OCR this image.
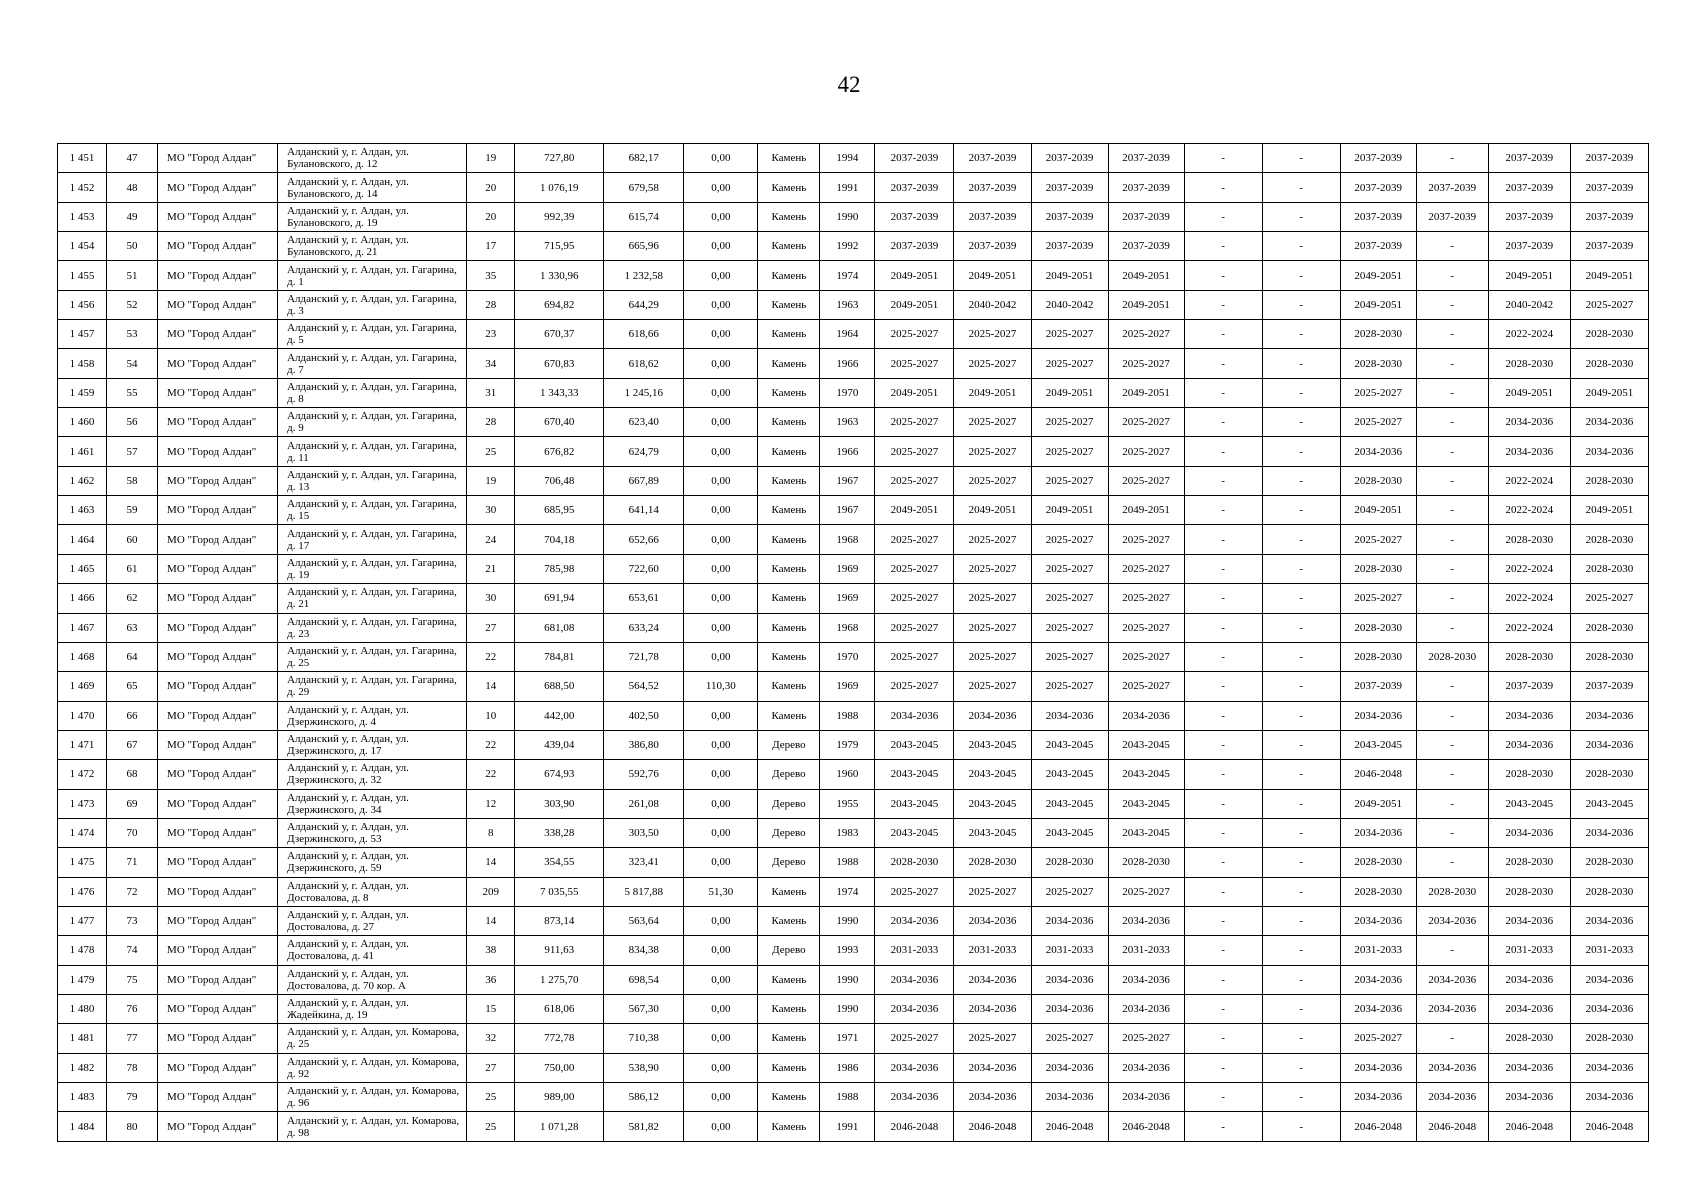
42
1 451	47	МО "Город Алдан"	Алданский у, г. Алдан, ул. Булановского, д. 12	19	727,80	682,17	0,00	Камень	1994	2037-2039	2037-2039	2037-2039	2037-2039	-	-	2037-2039	-	2037-2039	2037-2039
1 452	48	МО "Город Алдан"	Алданский у, г. Алдан, ул. Булановского, д. 14	20	1 076,19	679,58	0,00	Камень	1991	2037-2039	2037-2039	2037-2039	2037-2039	-	-	2037-2039	2037-2039	2037-2039	2037-2039
1 453	49	МО "Город Алдан"	Алданский у, г. Алдан, ул. Булановского, д. 19	20	992,39	615,74	0,00	Камень	1990	2037-2039	2037-2039	2037-2039	2037-2039	-	-	2037-2039	2037-2039	2037-2039	2037-2039
1 454	50	МО "Город Алдан"	Алданский у, г. Алдан, ул. Булановского, д. 21	17	715,95	665,96	0,00	Камень	1992	2037-2039	2037-2039	2037-2039	2037-2039	-	-	2037-2039	-	2037-2039	2037-2039
1 455	51	МО "Город Алдан"	Алданский у, г. Алдан, ул. Гагарина, д. 1	35	1 330,96	1 232,58	0,00	Камень	1974	2049-2051	2049-2051	2049-2051	2049-2051	-	-	2049-2051	-	2049-2051	2049-2051
1 456	52	МО "Город Алдан"	Алданский у, г. Алдан, ул. Гагарина, д. 3	28	694,82	644,29	0,00	Камень	1963	2049-2051	2040-2042	2040-2042	2049-2051	-	-	2049-2051	-	2040-2042	2025-2027
1 457	53	МО "Город Алдан"	Алданский у, г. Алдан, ул. Гагарина, д. 5	23	670,37	618,66	0,00	Камень	1964	2025-2027	2025-2027	2025-2027	2025-2027	-	-	2028-2030	-	2022-2024	2028-2030
1 458	54	МО "Город Алдан"	Алданский у, г. Алдан, ул. Гагарина, д. 7	34	670,83	618,62	0,00	Камень	1966	2025-2027	2025-2027	2025-2027	2025-2027	-	-	2028-2030	-	2028-2030	2028-2030
1 459	55	МО "Город Алдан"	Алданский у, г. Алдан, ул. Гагарина, д. 8	31	1 343,33	1 245,16	0,00	Камень	1970	2049-2051	2049-2051	2049-2051	2049-2051	-	-	2025-2027	-	2049-2051	2049-2051
1 460	56	МО "Город Алдан"	Алданский у, г. Алдан, ул. Гагарина, д. 9	28	670,40	623,40	0,00	Камень	1963	2025-2027	2025-2027	2025-2027	2025-2027	-	-	2025-2027	-	2034-2036	2034-2036
1 461	57	МО "Город Алдан"	Алданский у, г. Алдан, ул. Гагарина, д. 11	25	676,82	624,79	0,00	Камень	1966	2025-2027	2025-2027	2025-2027	2025-2027	-	-	2034-2036	-	2034-2036	2034-2036
1 462	58	МО "Город Алдан"	Алданский у, г. Алдан, ул. Гагарина, д. 13	19	706,48	667,89	0,00	Камень	1967	2025-2027	2025-2027	2025-2027	2025-2027	-	-	2028-2030	-	2022-2024	2028-2030
1 463	59	МО "Город Алдан"	Алданский у, г. Алдан, ул. Гагарина, д. 15	30	685,95	641,14	0,00	Камень	1967	2049-2051	2049-2051	2049-2051	2049-2051	-	-	2049-2051	-	2022-2024	2049-2051
1 464	60	МО "Город Алдан"	Алданский у, г. Алдан, ул. Гагарина, д. 17	24	704,18	652,66	0,00	Камень	1968	2025-2027	2025-2027	2025-2027	2025-2027	-	-	2025-2027	-	2028-2030	2028-2030
1 465	61	МО "Город Алдан"	Алданский у, г. Алдан, ул. Гагарина, д. 19	21	785,98	722,60	0,00	Камень	1969	2025-2027	2025-2027	2025-2027	2025-2027	-	-	2028-2030	-	2022-2024	2028-2030
1 466	62	МО "Город Алдан"	Алданский у, г. Алдан, ул. Гагарина, д. 21	30	691,94	653,61	0,00	Камень	1969	2025-2027	2025-2027	2025-2027	2025-2027	-	-	2025-2027	-	2022-2024	2025-2027
1 467	63	МО "Город Алдан"	Алданский у, г. Алдан, ул. Гагарина, д. 23	27	681,08	633,24	0,00	Камень	1968	2025-2027	2025-2027	2025-2027	2025-2027	-	-	2028-2030	-	2022-2024	2028-2030
1 468	64	МО "Город Алдан"	Алданский у, г. Алдан, ул. Гагарина, д. 25	22	784,81	721,78	0,00	Камень	1970	2025-2027	2025-2027	2025-2027	2025-2027	-	-	2028-2030	2028-2030	2028-2030	2028-2030
1 469	65	МО "Город Алдан"	Алданский у, г. Алдан, ул. Гагарина, д. 29	14	688,50	564,52	110,30	Камень	1969	2025-2027	2025-2027	2025-2027	2025-2027	-	-	2037-2039	-	2037-2039	2037-2039
1 470	66	МО "Город Алдан"	Алданский у, г. Алдан, ул. Дзержинского, д. 4	10	442,00	402,50	0,00	Камень	1988	2034-2036	2034-2036	2034-2036	2034-2036	-	-	2034-2036	-	2034-2036	2034-2036
1 471	67	МО "Город Алдан"	Алданский у, г. Алдан, ул. Дзержинского, д. 17	22	439,04	386,80	0,00	Дерево	1979	2043-2045	2043-2045	2043-2045	2043-2045	-	-	2043-2045	-	2034-2036	2034-2036
1 472	68	МО "Город Алдан"	Алданский у, г. Алдан, ул. Дзержинского, д. 32	22	674,93	592,76	0,00	Дерево	1960	2043-2045	2043-2045	2043-2045	2043-2045	-	-	2046-2048	-	2028-2030	2028-2030
1 473	69	МО "Город Алдан"	Алданский у, г. Алдан, ул. Дзержинского, д. 34	12	303,90	261,08	0,00	Дерево	1955	2043-2045	2043-2045	2043-2045	2043-2045	-	-	2049-2051	-	2043-2045	2043-2045
1 474	70	МО "Город Алдан"	Алданский у, г. Алдан, ул. Дзержинского, д. 53	8	338,28	303,50	0,00	Дерево	1983	2043-2045	2043-2045	2043-2045	2043-2045	-	-	2034-2036	-	2034-2036	2034-2036
1 475	71	МО "Город Алдан"	Алданский у, г. Алдан, ул. Дзержинского, д. 59	14	354,55	323,41	0,00	Дерево	1988	2028-2030	2028-2030	2028-2030	2028-2030	-	-	2028-2030	-	2028-2030	2028-2030
1 476	72	МО "Город Алдан"	Алданский у, г. Алдан, ул. Достовалова, д. 8	209	7 035,55	5 817,88	51,30	Камень	1974	2025-2027	2025-2027	2025-2027	2025-2027	-	-	2028-2030	2028-2030	2028-2030	2028-2030
1 477	73	МО "Город Алдан"	Алданский у, г. Алдан, ул. Достовалова, д. 27	14	873,14	563,64	0,00	Камень	1990	2034-2036	2034-2036	2034-2036	2034-2036	-	-	2034-2036	2034-2036	2034-2036	2034-2036
1 478	74	МО "Город Алдан"	Алданский у, г. Алдан, ул. Достовалова, д. 41	38	911,63	834,38	0,00	Дерево	1993	2031-2033	2031-2033	2031-2033	2031-2033	-	-	2031-2033	-	2031-2033	2031-2033
1 479	75	МО "Город Алдан"	Алданский у, г. Алдан, ул. Достовалова, д. 70 кор. А	36	1 275,70	698,54	0,00	Камень	1990	2034-2036	2034-2036	2034-2036	2034-2036	-	-	2034-2036	2034-2036	2034-2036	2034-2036
1 480	76	МО "Город Алдан"	Алданский у, г. Алдан, ул. Жадейкина, д. 19	15	618,06	567,30	0,00	Камень	1990	2034-2036	2034-2036	2034-2036	2034-2036	-	-	2034-2036	2034-2036	2034-2036	2034-2036
1 481	77	МО "Город Алдан"	Алданский у, г. Алдан, ул. Комарова, д. 25	32	772,78	710,38	0,00	Камень	1971	2025-2027	2025-2027	2025-2027	2025-2027	-	-	2025-2027	-	2028-2030	2028-2030
1 482	78	МО "Город Алдан"	Алданский у, г. Алдан, ул. Комарова, д. 92	27	750,00	538,90	0,00	Камень	1986	2034-2036	2034-2036	2034-2036	2034-2036	-	-	2034-2036	2034-2036	2034-2036	2034-2036
1 483	79	МО "Город Алдан"	Алданский у, г. Алдан, ул. Комарова, д. 96	25	989,00	586,12	0,00	Камень	1988	2034-2036	2034-2036	2034-2036	2034-2036	-	-	2034-2036	2034-2036	2034-2036	2034-2036
1 484	80	МО "Город Алдан"	Алданский у, г. Алдан, ул. Комарова, д. 98	25	1 071,28	581,82	0,00	Камень	1991	2046-2048	2046-2048	2046-2048	2046-2048	-	-	2046-2048	2046-2048	2046-2048	2046-2048
